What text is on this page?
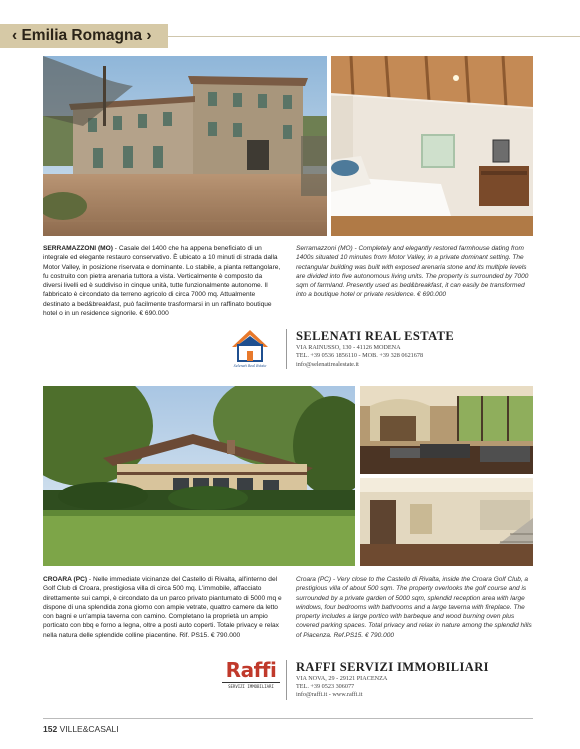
‹ Emilia Romagna ›
SERRAMAZZONI (MO) - Casale del 1400 che ha appena beneficiato di un integrale ed elegante restauro conservativo. È ubicato a 10 minuti di strada dalla Motor Valley, in posizione riservata e dominante. Lo stabile, a pianta rettangolare, fu costruito con pietra arenaria tuttora a vista. Verticalmente è composto da diversi livelli ed è suddiviso in cinque unità, tutte funzionalmente autonome. Il fabbricato è circondato da terreno agricolo di circa 7000 mq. Attualmente destinato a bed&breakfast, può facilmente trasformarsi in un raffinato boutique hotel o in un residence signorile. € 690.000
Serramazzoni (MO) - Completely and elegantly restored farmhouse dating from 1400s situated 10 minutes from Motor Valley, in a private dominant setting. The rectangular building was built with exposed arenaria stone and its multiple levels are divided into five autonomous living units. The property is surrounded by 7000 sqm of farmland. Presently used as bed&breakfast, it can easily be transformed into a boutique hotel or private residence. € 690.000
Selenati Real Estate
SELENATI REAL ESTATE
VIA RAINUSSO, 130 - 41126 MODENA
TEL. +39 0536 1856110 - MOB. +39 328 0621678
info@selenatirealestate.it
CROARA (PC) - Nelle immediate vicinanze del Castello di Rivalta, all'interno del Golf Club di Croara, prestigiosa villa di circa 500 mq. L'immobile, affacciato direttamente sui campi, è circondato da un parco privato piantumato di 5000 mq e dispone di una splendida zona giorno con ampie vetrate, quattro camere da letto con bagni e un'ampia taverna con camino. Completano la proprietà un ampio porticato con bbq e forno a legna, oltre a posti auto coperti. Totale privacy e relax nella natura delle splendide colline piacentine. Rif. PS15. € 790.000
Croara (PC) - Very close to the Castello di Rivalta, inside the Croara Golf Club, a prestigious villa of about 500 sqm. The property overlooks the golf course and is surrounded by a private garden of 5000 sqm, splendid reception area with large windows, four bedrooms with bathrooms and a large taverna with fireplace. The property includes a large portico with barbeque and wood burning oven plus covered parking spaces. Total privacy and relax in nature among the splendid hills of Piacenza. Ref.PS15. € 790.000
Raffi
SERVIZI IMMOBILIARI
RAFFI SERVIZI IMMOBILIARI
VIA NOVA, 29 - 29121 PIACENZA
TEL. +39 0523 306077
info@raffi.it - www.raffi.it
152 VILLE&CASALI
